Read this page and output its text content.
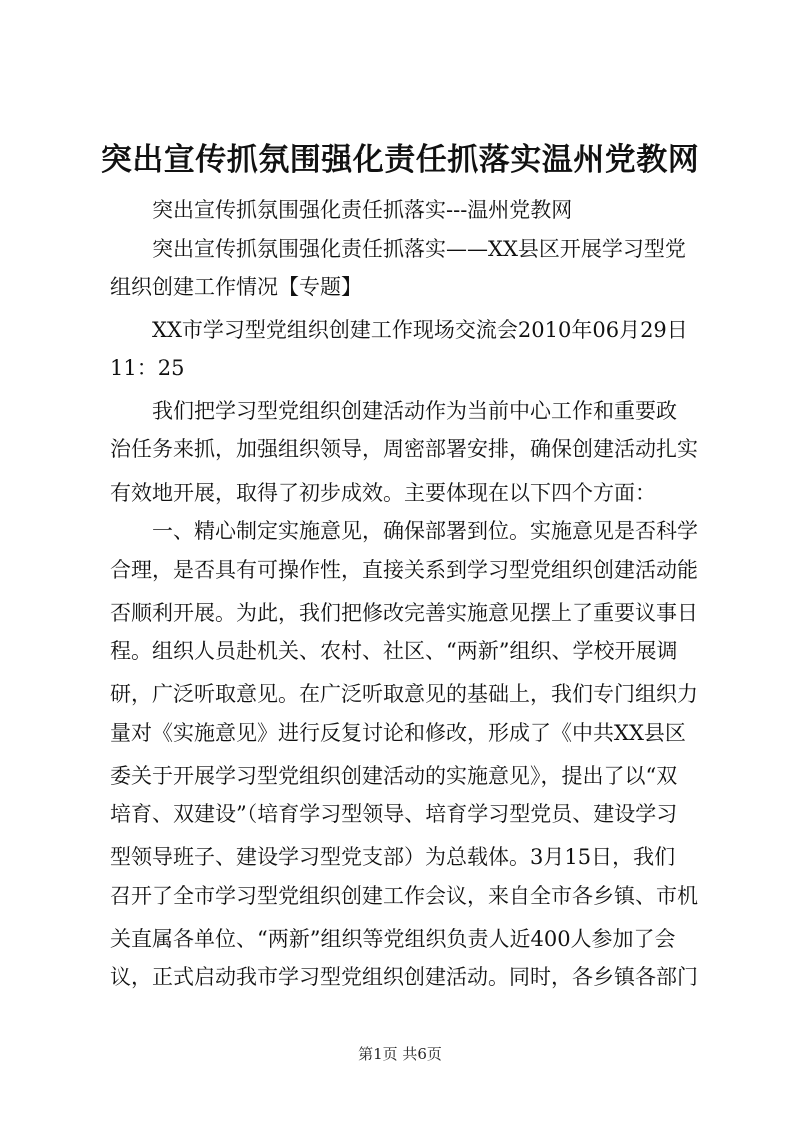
突出宣传抓氛围强化责任抓落实温州党教网
突出宣传抓氛围强化责任抓落实---温州党教网
突出宣传抓氛围强化责任抓落实——XX县区开展学习型党
组织创建工作情况【专题】
XX市学习型党组织创建工作现场交流会2010年06月29日
11：25
我们把学习型党组织创建活动作为当前中心工作和重要政
治任务来抓，加强组织领导，周密部署安排，确保创建活动扎实
有效地开展，取得了初步成效。主要体现在以下四个方面：
一、精心制定实施意见，确保部署到位。实施意见是否科学
合理，是否具有可操作性，直接关系到学习型党组织创建活动能
否顺利开展。为此，我们把修改完善实施意见摆上了重要议事日
程。组织人员赴机关、农村、社区、“两新”组织、学校开展调
研，广泛听取意见。在广泛听取意见的基础上，我们专门组织力
量对《实施意见》进行反复讨论和修改，形成了《中共XX县区
委关于开展学习型党组织创建活动的实施意见》，提出了以“双
培育、双建设”（培育学习型领导、培育学习型党员、建设学习
型领导班子、建设学习型党支部）为总载体。3月15日，我们
召开了全市学习型党组织创建工作会议，来自全市各乡镇、市机
关直属各单位、“两新”组织等党组织负责人近400人参加了会
议，正式启动我市学习型党组织创建活动。同时，各乡镇各部门
第1页 共6页
